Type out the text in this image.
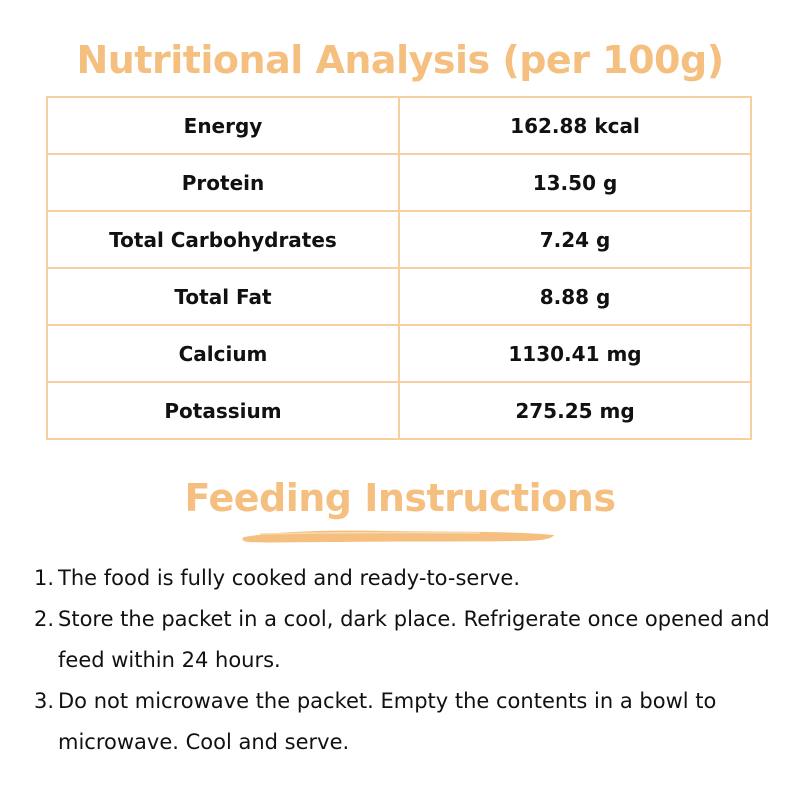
Nutritional Analysis (per 100g)
Energy	162.88 kcal
Protein	13.50 g
Total Carbohydrates	7.24 g
Total Fat	8.88 g
Calcium	1130.41 mg
Potassium	275.25 mg
Feeding Instructions
1. The food is fully cooked and ready-to-serve.
2. Store the packet in a cool, dark place. Refrigerate once opened and feed within 24 hours.
3. Do not microwave the packet. Empty the contents in a bowl to microwave. Cool and serve.
